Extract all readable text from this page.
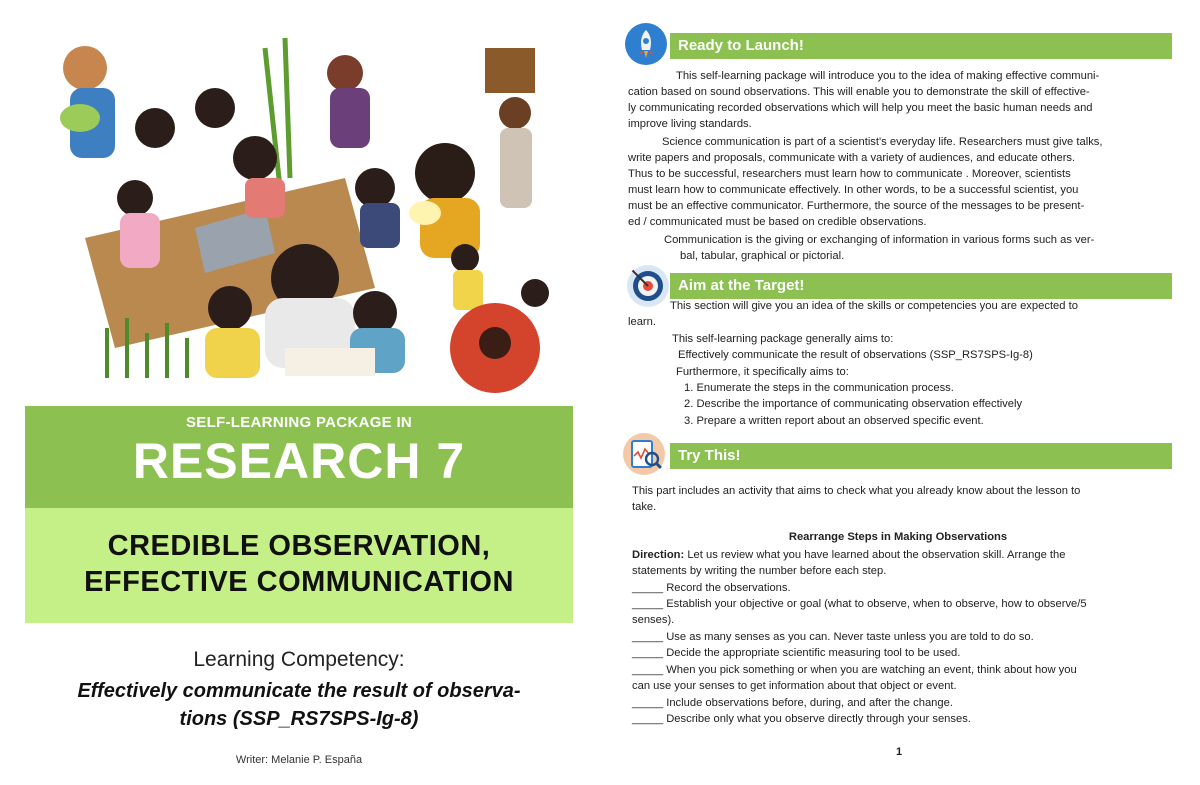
SELF-LEARNING PACKAGE IN
RESEARCH 7
CREDIBLE OBSERVATION,
EFFECTIVE COMMUNICATION
Learning Competency:
Effectively communicate the result of observa-
tions (SSP_RS7SPS-Ig-8)
Writer: Melanie P. España
Ready to Launch!
This self-learning package will introduce you to the idea of making effective communi-
cation based on sound observations. This will enable you to demonstrate the skill of effective-
ly communicating recorded observations which will help you meet the basic human needs and
improve living standards.
Science communication is part of a scientist's everyday life. Researchers must give talks,
write papers and proposals, communicate with a variety of audiences, and educate others.
Thus to be successful, researchers must learn how to communicate . Moreover, scientists
must learn how to communicate effectively. In other words, to be a successful scientist, you
must be an effective communicator. Furthermore, the source of the messages to be present-
ed / communicated must be based on credible observations.
Communication is the giving or exchanging of information in various forms such as ver-
bal, tabular, graphical or pictorial.
Aim at the Target!
This section will give you an idea of the skills or competencies you are expected to
learn.
This self-learning package generally aims to:
Effectively communicate the result of observations (SSP_RS7SPS-Ig-8)
Furthermore, it specifically aims to:
1. Enumerate the steps in the communication process.
2. Describe the importance of communicating observation effectively
3. Prepare a written report about an observed specific event.
Try This!
This part includes an activity that aims to check what you already know about the lesson to
take.
Rearrange Steps in Making Observations
Direction: Let us review what you have learned about the observation skill. Arrange the
statements by writing the number before each step.
_____ Record the observations.
_____ Establish your objective or goal (what to observe, when to observe, how to observe/5
senses).
_____ Use as many senses as you can. Never taste unless you are told to do so.
_____ Decide the appropriate scientific measuring tool to be used.
_____ When you pick something or when you are watching an event, think about how you
can use your senses to get information about that object or event.
_____ Include observations before, during, and after the change.
_____ Describe only what you observe directly through your senses.
1
